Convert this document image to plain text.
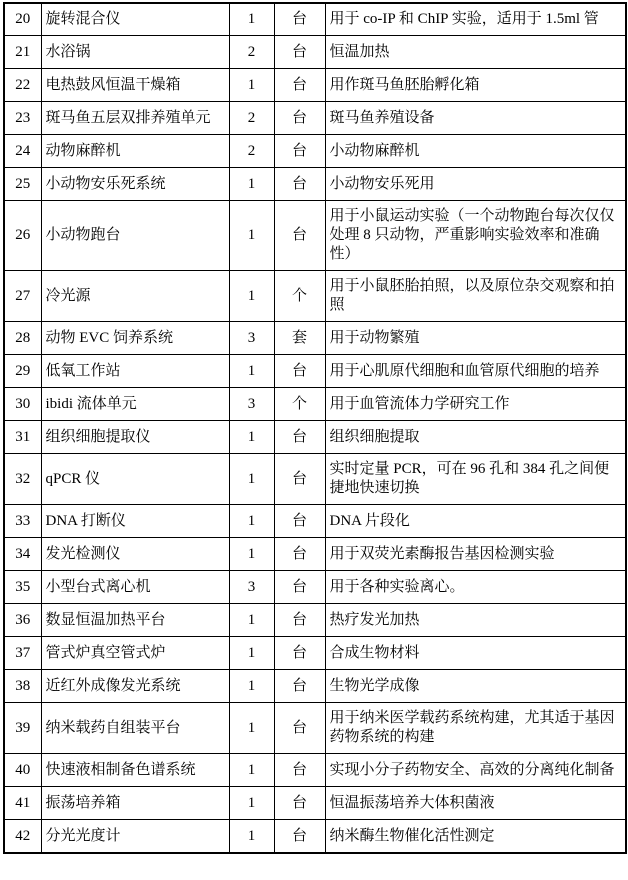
20	旋转混合仪	1	台	用于 co-IP 和 ChIP 实验，适用于 1.5ml 管
21	水浴锅	2	台	恒温加热
22	电热鼓风恒温干燥箱	1	台	用作斑马鱼胚胎孵化箱
23	斑马鱼五层双排养殖单元	2	台	斑马鱼养殖设备
24	动物麻醉机	2	台	小动物麻醉机
25	小动物安乐死系统	1	台	小动物安乐死用
26	小动物跑台	1	台	用于小鼠运动实验（一个动物跑台每次仅仅处理 8 只动物，严重影响实验效率和准确性）
27	冷光源	1	个	用于小鼠胚胎拍照，以及原位杂交观察和拍照
28	动物 EVC 饲养系统	3	套	用于动物繁殖
29	低氧工作站	1	台	用于心肌原代细胞和血管原代细胞的培养
30	ibidi 流体单元	3	个	用于血管流体力学研究工作
31	组织细胞提取仪	1	台	组织细胞提取
32	qPCR 仪	1	台	实时定量 PCR，可在 96 孔和 384 孔之间便捷地快速切换
33	DNA 打断仪	1	台	DNA 片段化
34	发光检测仪	1	台	用于双荧光素酶报告基因检测实验
35	小型台式离心机	3	台	用于各种实验离心。
36	数显恒温加热平台	1	台	热疗发光加热
37	管式炉真空管式炉	1	台	合成生物材料
38	近红外成像发光系统	1	台	生物光学成像
39	纳米载药自组装平台	1	台	用于纳米医学载药系统构建，尤其适于基因药物系统的构建
40	快速液相制备色谱系统	1	台	实现小分子药物安全、高效的分离纯化制备
41	振荡培养箱	1	台	恒温振荡培养大体积菌液
42	分光光度计	1	台	纳米酶生物催化活性测定
